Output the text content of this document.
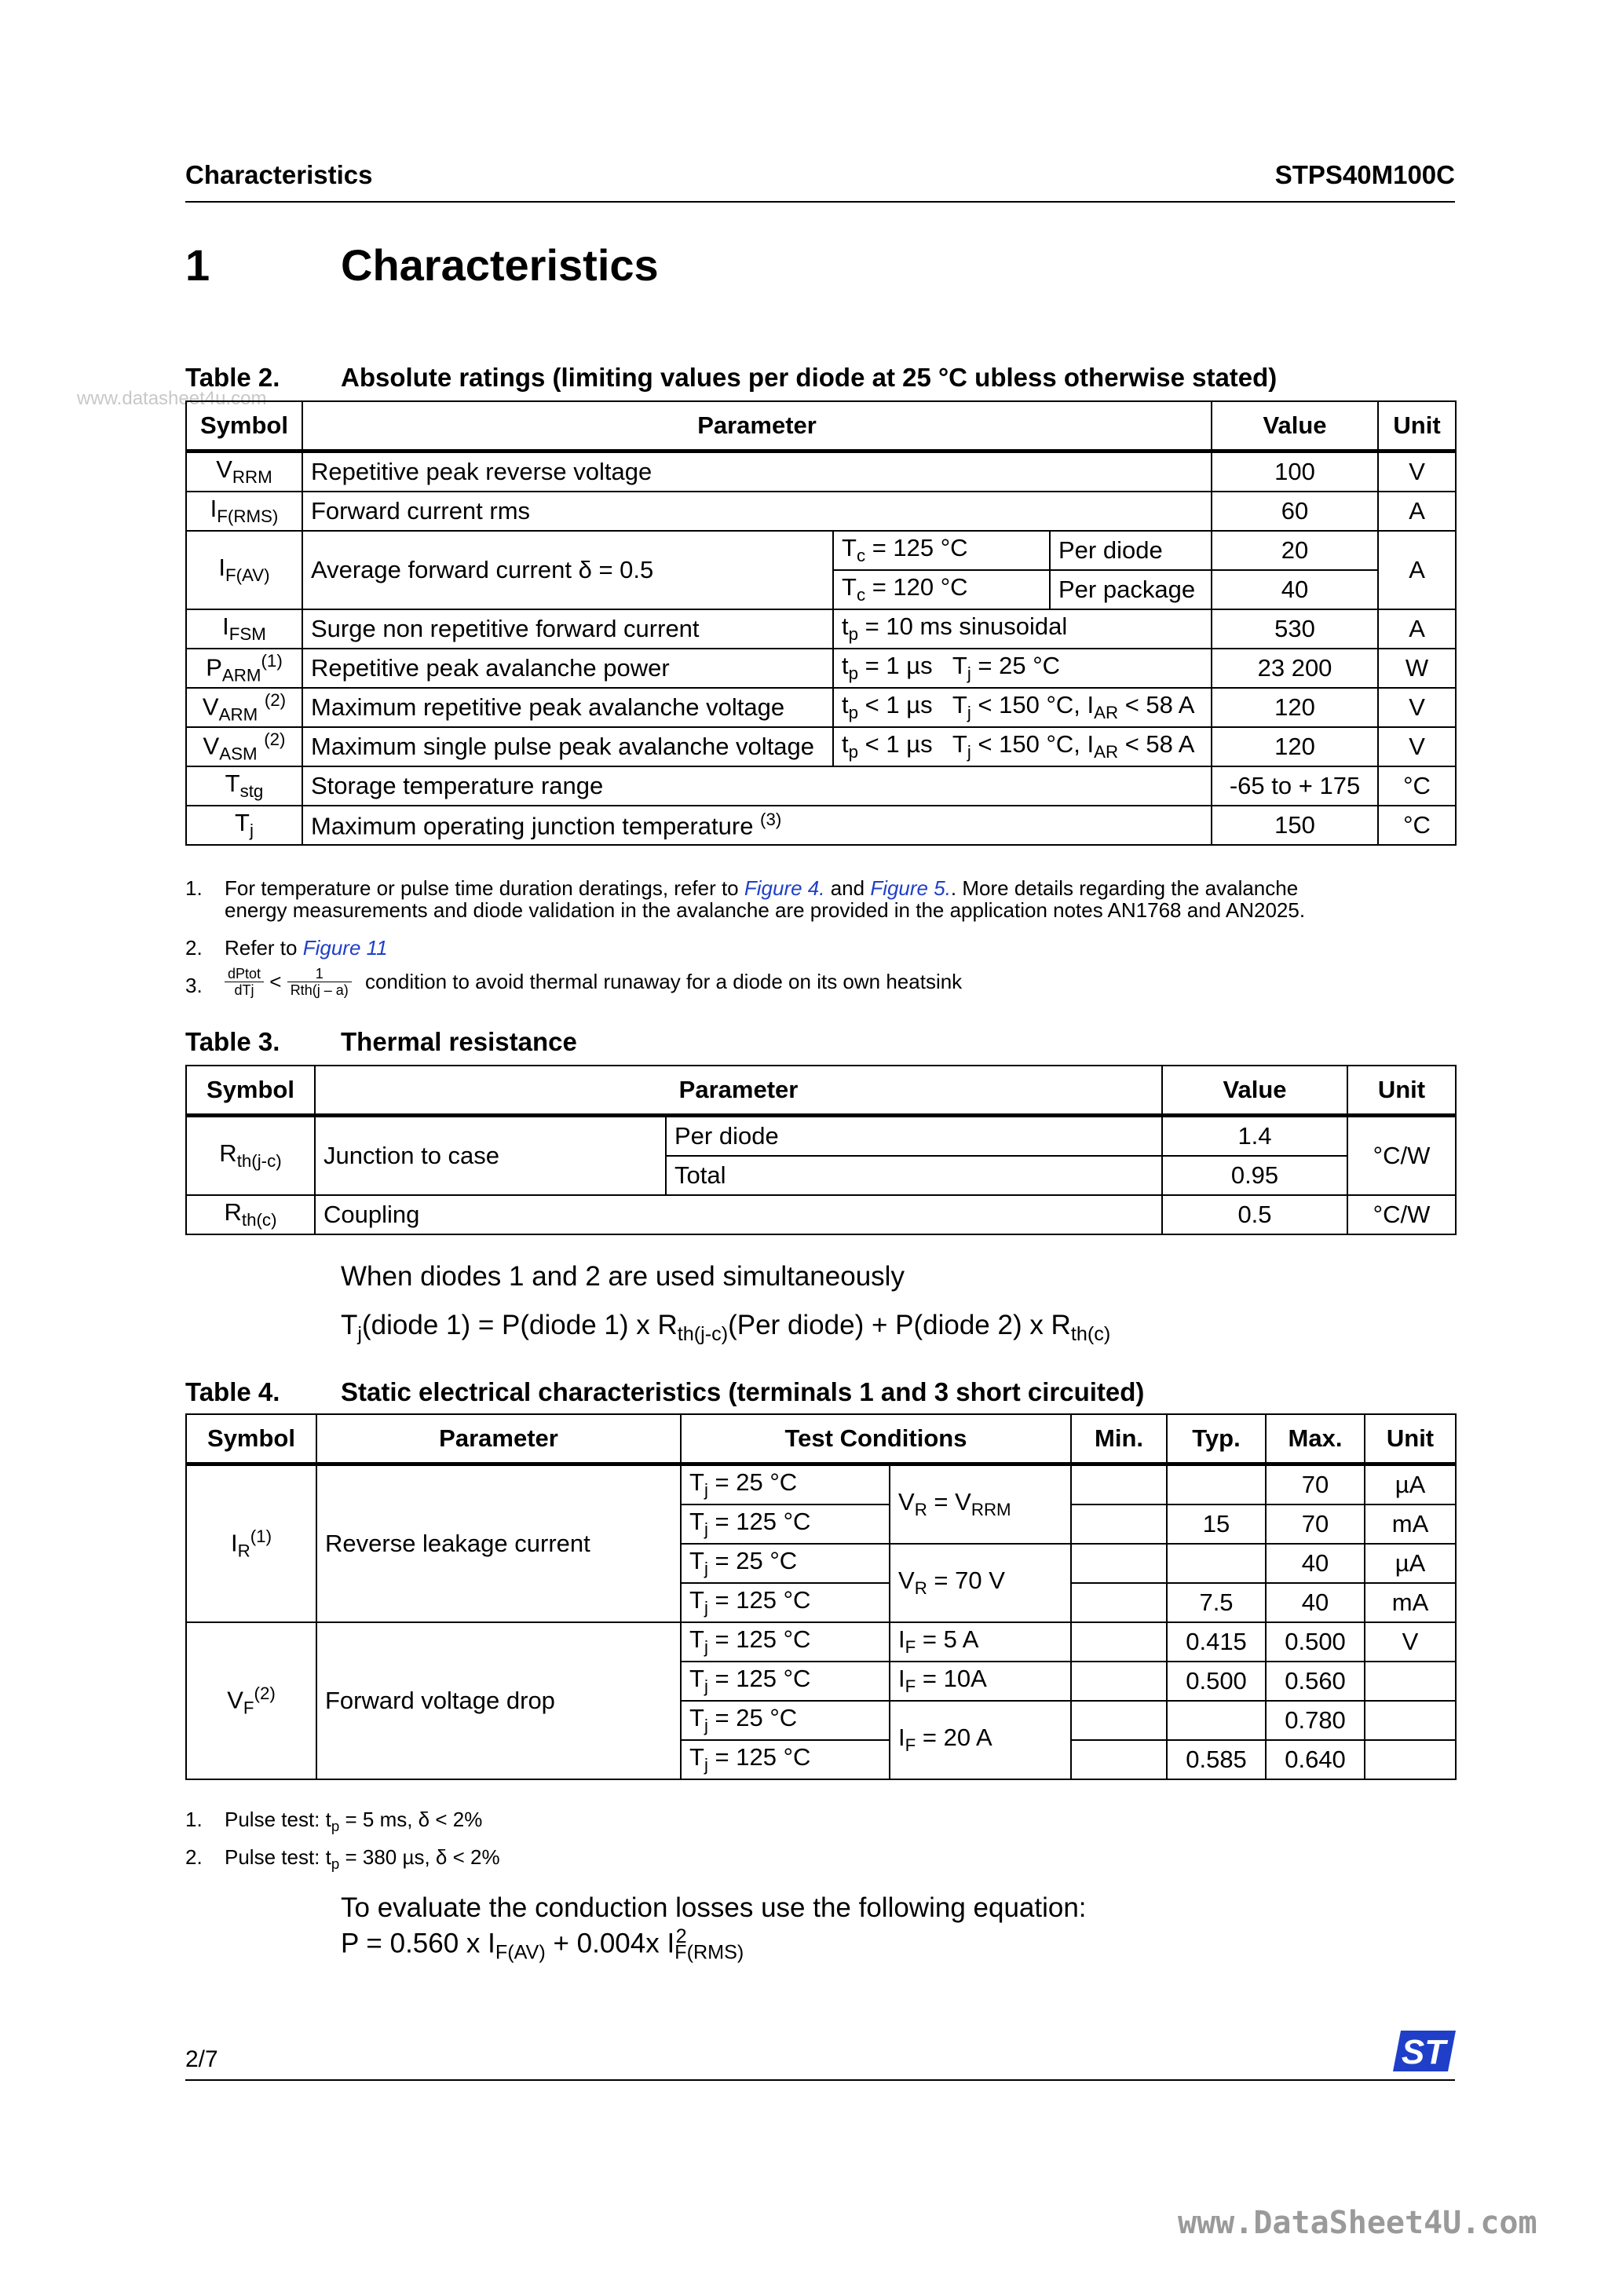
Characteristics	STPS40M100C
1	Characteristics
www.datasheet4u.com
Table 2. Absolute ratings (limiting values per diode at 25 °C ubless otherwise stated)
Symbol	Parameter			Value	Unit
$V_{RRM}$	Repetitive peak reverse voltage			100	V
$I_{F(RMS)}$	Forward current rms			60	A
$I_{F(AV)}$	Average forward current δ = 0.5	$T_c = 125$ °C	Per diode	20	A
		$T_c = 120$ °C	Per package	40	
$I_{FSM}$	Surge non repetitive forward current	$t_p = 10$ ms sinusoidal		530	A
$P_{ARM}^{(1)}$	Repetitive peak avalanche power	$t_p = 1$ µs   $T_j = 25$ °C		23 200	W
$V_{ARM}$ $^{(2)}$	Maximum repetitive peak avalanche voltage	$t_p < 1$ µs   $T_j < 150$ °C, $I_{AR} < 58$ A		120	V
$V_{ASM}$ $^{(2)}$	Maximum single pulse peak avalanche voltage	$t_p < 1$ µs   $T_j < 150$ °C, $I_{AR} < 58$ A		120	V
$T_{stg}$	Storage temperature range			-65 to + 175	°C
$T_j$	Maximum operating junction temperature $^{(3)}$			150	°C
1. For temperature or pulse time duration deratings, refer to Figure 4. and Figure 5.. More details regarding the avalanche
energy measurements and diode validation in the avalanche are provided in the application notes AN1768 and AN2025.
2. Refer to Figure 11
3. $\frac{\text{dPtot}}{\text{dTj}} < \frac{1}{\text{Rth(j – a)}}$ condition to avoid thermal runaway for a diode on its own heatsink
Table 3. Thermal resistance
Symbol	Parameter		Value	Unit
$R_{th(j-c)}$	Junction to case	Per diode	1.4	°C/W
		Total	0.95	
$R_{th(c)}$	Coupling		0.5	°C/W
When diodes 1 and 2 are used simultaneously
$T_j(diode$ 1) = P(diode 1) x $R_{th(j-c)}(Per$ diode) + P(diode 2) x $R_{th(c)}$
Table 4. Static electrical characteristics (terminals 1 and 3 short circuited)
Symbol	Parameter	Test Conditions		Min.	Typ.	Max.	Unit
$I_R^{(1)}$	Reverse leakage current	$T_j = 25$ °C	$V_R = V_{RRM}$			70	µA
		$T_j = 125$ °C			15	70	mA
		$T_j = 25$ °C	$V_R = 70$ V			40	µA
		$T_j = 125$ °C			7.5	40	mA
$V_F^{(2)}$	Forward voltage drop	$T_j = 125$ °C	$I_F = 5$ A		0.415	0.500	V
		$T_j = 125$ °C	$I_F = 10A$		0.500	0.560	
		$T_j = 25$ °C	$I_F = 20$ A			0.780	
		$T_j = 125$ °C			0.585	0.640	
1. Pulse test: $t_p = 5$ ms, δ < 2%
2. Pulse test: $t_p = 380$ µs, δ < 2%
To evaluate the conduction losses use the following equation:
P = 0.560 x $I_{F(AV)} + 0.004x$ $I_F^2_{(RMS)}$
2/7	ST
www.DataSheet4U.com
